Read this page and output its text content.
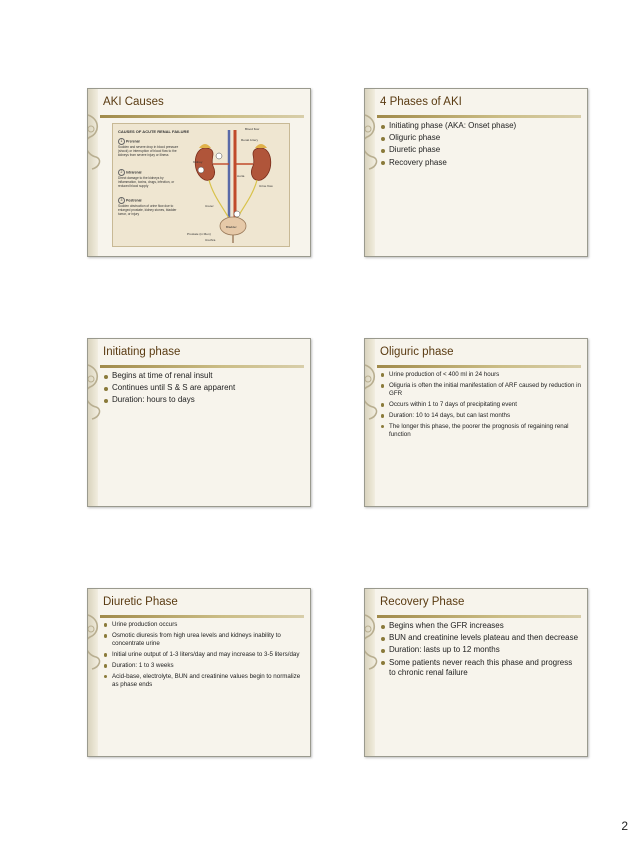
AKI Causes
CAUSES OF ACUTE RENAL FAILURE
1 Prerenal
Sudden and severe drop in blood pressure (shock) or interruption of blood flow to the kidneys from severe injury or illness
2 Intrarenal
Direct damage to the kidneys by inflammation, toxins, drugs, infection, or reduced blood supply
3 Postrenal
Sudden obstruction of urine flow due to enlarged prostate, kidney stones, bladder tumor, or injury
Blood flow
Renal Artery
Kidney
Aorta
Urine flow
Ureter
Bladder
Prostate (in Men)
Urethra
4 Phases of AKI
Initiating phase (AKA: Onset phase)
Oliguric phase
Diuretic phase
Recovery phase
Initiating phase
Begins at time of renal insult
Continues until S & S are apparent
Duration: hours to days
Oliguric phase
Urine production of < 400 ml in 24 hours
Oliguria is often the initial manifestation of ARF caused by reduction in GFR
Occurs within 1 to 7 days of precipitating event
Duration: 10 to 14 days, but can last months
The longer this phase, the poorer the prognosis of regaining renal function
Diuretic Phase
Urine production occurs
Osmotic diuresis from high urea levels and kidneys inability to concentrate urine
Initial urine output of 1-3 liters/day and may increase to 3-5 liters/day
Duration: 1 to 3 weeks
Acid-base, electrolyte, BUN and creatinine values begin to normalize as phase ends
Recovery Phase
Begins when the GFR increases
BUN and creatinine levels plateau and then decrease
Duration: lasts up to 12 months
Some patients never reach this phase and progress to chronic renal failure
2
